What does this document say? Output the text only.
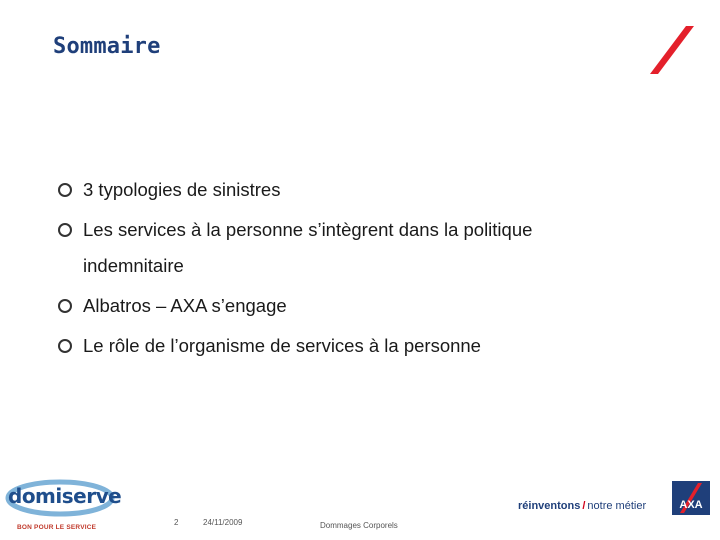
Sommaire
3 typologies de sinistres
Les services à la personne s’intègrent dans la politique
indemnitaire
Albatros – AXA s’engage
Le rôle de l’organisme de services à la personne
domiserve
BON POUR LE SERVICE
2	24/11/2009	Dommages Corporels
réinventons / notre métier	AXA
